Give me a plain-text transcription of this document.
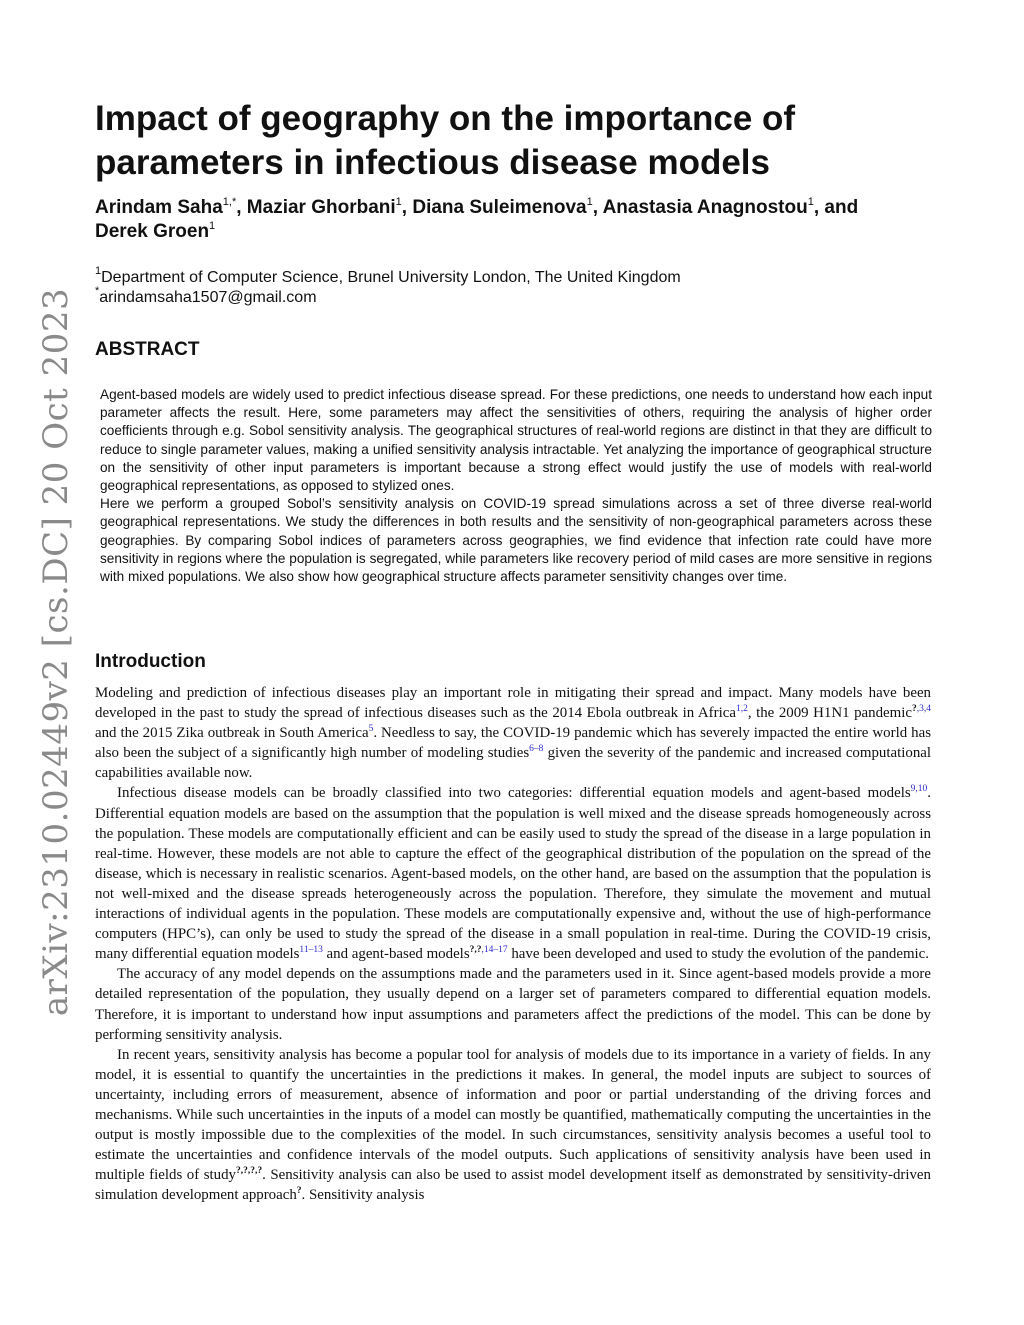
arXiv:2310.02449v2 [cs.DC] 20 Oct 2023
Impact of geography on the importance of
parameters in infectious disease models
Arindam Saha$^{1,*}$, Maziar Ghorbani$^1$, Diana Suleimenova$^1$, Anastasia Anagnostou$^1$, and
Derek Groen$^1$
$^1$Department of Computer Science, Brunel University London, The United Kingdom
*arindamsaha1507@gmail.com
ABSTRACT

Agent-based models are widely used to predict infectious disease spread. For these predictions, one needs to understand how each input parameter affects the result. Here, some parameters may affect the sensitivities of others, requiring the analysis of higher order coefficients through e.g. Sobol sensitivity analysis. The geographical structures of real-world regions are distinct in that they are difficult to reduce to single parameter values, making a unified sensitivity analysis intractable. Yet analyzing the importance of geographical structure on the sensitivity of other input parameters is important because a strong effect would justify the use of models with real-world geographical representations, as opposed to stylized ones.

Here we perform a grouped Sobol’s sensitivity analysis on COVID-19 spread simulations across a set of three diverse real-world geographical representations. We study the differences in both results and the sensitivity of non-geographical parameters across these geographies. By comparing Sobol indices of parameters across geographies, we find evidence that infection rate could have more sensitivity in regions where the population is segregated, while parameters like recovery period of mild cases are more sensitive in regions with mixed populations. We also show how geographical structure affects parameter sensitivity changes over time.

Introduction

Modeling and prediction of infectious diseases play an important role in mitigating their spread and impact. Many models have been developed in the past to study the spread of infectious diseases such as the 2014 Ebola outbreak in Africa$^{1,2}$, the 2009 H1N1 pandemic$^{?,3,4}$ and the 2015 Zika outbreak in South America$^5$. Needless to say, the COVID-19 pandemic which has severely impacted the entire world has also been the subject of a significantly high number of modeling studies$^{6-8}$ given the severity of the pandemic and increased computational capabilities available now.

Infectious disease models can be broadly classified into two categories: differential equation models and agent-based models$^{9,10}$. Differential equation models are based on the assumption that the population is well mixed and the disease spreads homogeneously across the population. These models are computationally efficient and can be easily used to study the spread of the disease in a large population in real-time. However, these models are not able to capture the effect of the geographical distribution of the population on the spread of the disease, which is necessary in realistic scenarios. Agent-based models, on the other hand, are based on the assumption that the population is not well-mixed and the disease spreads heterogeneously across the population. Therefore, they simulate the movement and mutual interactions of individual agents in the population. These models are computationally expensive and, without the use of high-performance computers (HPC’s), can only be used to study the spread of the disease in a small population in real-time. During the COVID-19 crisis, many differential equation models$^{11-13}$ and agent-based models$^{?,?,14-17}$ have been developed and used to study the evolution of the pandemic.

The accuracy of any model depends on the assumptions made and the parameters used in it. Since agent-based models provide a more detailed representation of the population, they usually depend on a larger set of parameters compared to differential equation models. Therefore, it is important to understand how input assumptions and parameters affect the predictions of the model. This can be done by performing sensitivity analysis.

In recent years, sensitivity analysis has become a popular tool for analysis of models due to its importance in a variety of fields. In any model, it is essential to quantify the uncertainties in the predictions it makes. In general, the model inputs are subject to sources of uncertainty, including errors of measurement, absence of information and poor or partial understanding of the driving forces and mechanisms. While such uncertainties in the inputs of a model can mostly be quantified, mathematically computing the uncertainties in the output is mostly impossible due to the complexities of the model. In such circumstances, sensitivity analysis becomes a useful tool to estimate the uncertainties and confidence intervals of the model outputs. Such applications of sensitivity analysis have been used in multiple fields of study?,?,?,?. Sensitivity analysis can also be used to assist model development itself as demonstrated by sensitivity-driven simulation development approach?. Sensitivity analysis
